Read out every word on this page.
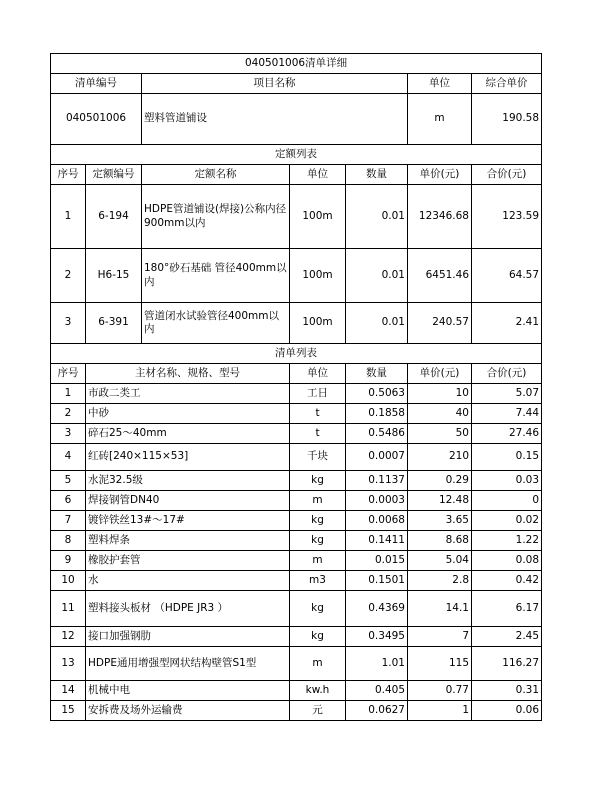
040501006清单详细						
清单编号		项目名称			单位	综合单价
040501006		塑料管道铺设			m	190.58
定额列表						
序号	定额编号	定额名称	单位	数量	单价(元)	合价(元)
1	6-194	HDPE管道铺设(焊接)公称内径900mm以内	100m	0.01	12346.68	123.59
2	H6-15	180°砂石基础 管径400mm以内	100m	0.01	6451.46	64.57
3	6-391	管道闭水试验管径400mm以内	100m	0.01	240.57	2.41
清单列表						
序号	主材名称、规格、型号		单位	数量	单价(元)	合价(元)
1	市政二类工		工日	0.5063	10	5.07
2	中砂		t	0.1858	40	7.44
3	碎石25～40mm		t	0.5486	50	27.46
4	红砖[240×115×53]		千块	0.0007	210	0.15
5	水泥32.5级		kg	0.1137	0.29	0.03
6	焊接钢管DN40		m	0.0003	12.48	0
7	镀锌铁丝13#～17#		kg	0.0068	3.65	0.02
8	塑料焊条		kg	0.1411	8.68	1.22
9	橡胶护套管		m	0.015	5.04	0.08
10	水		m3	0.1501	2.8	0.42
11	塑料接头板材 （HDPE JR3 ）		kg	0.4369	14.1	6.17
12	接口加强钢肋		kg	0.3495	7	2.45
13	HDPE通用增强型网状结构壁管S1型		m	1.01	115	116.27
14	机械中电		kw.h	0.405	0.77	0.31
15	安拆费及场外运输费		元	0.0627	1	0.06
